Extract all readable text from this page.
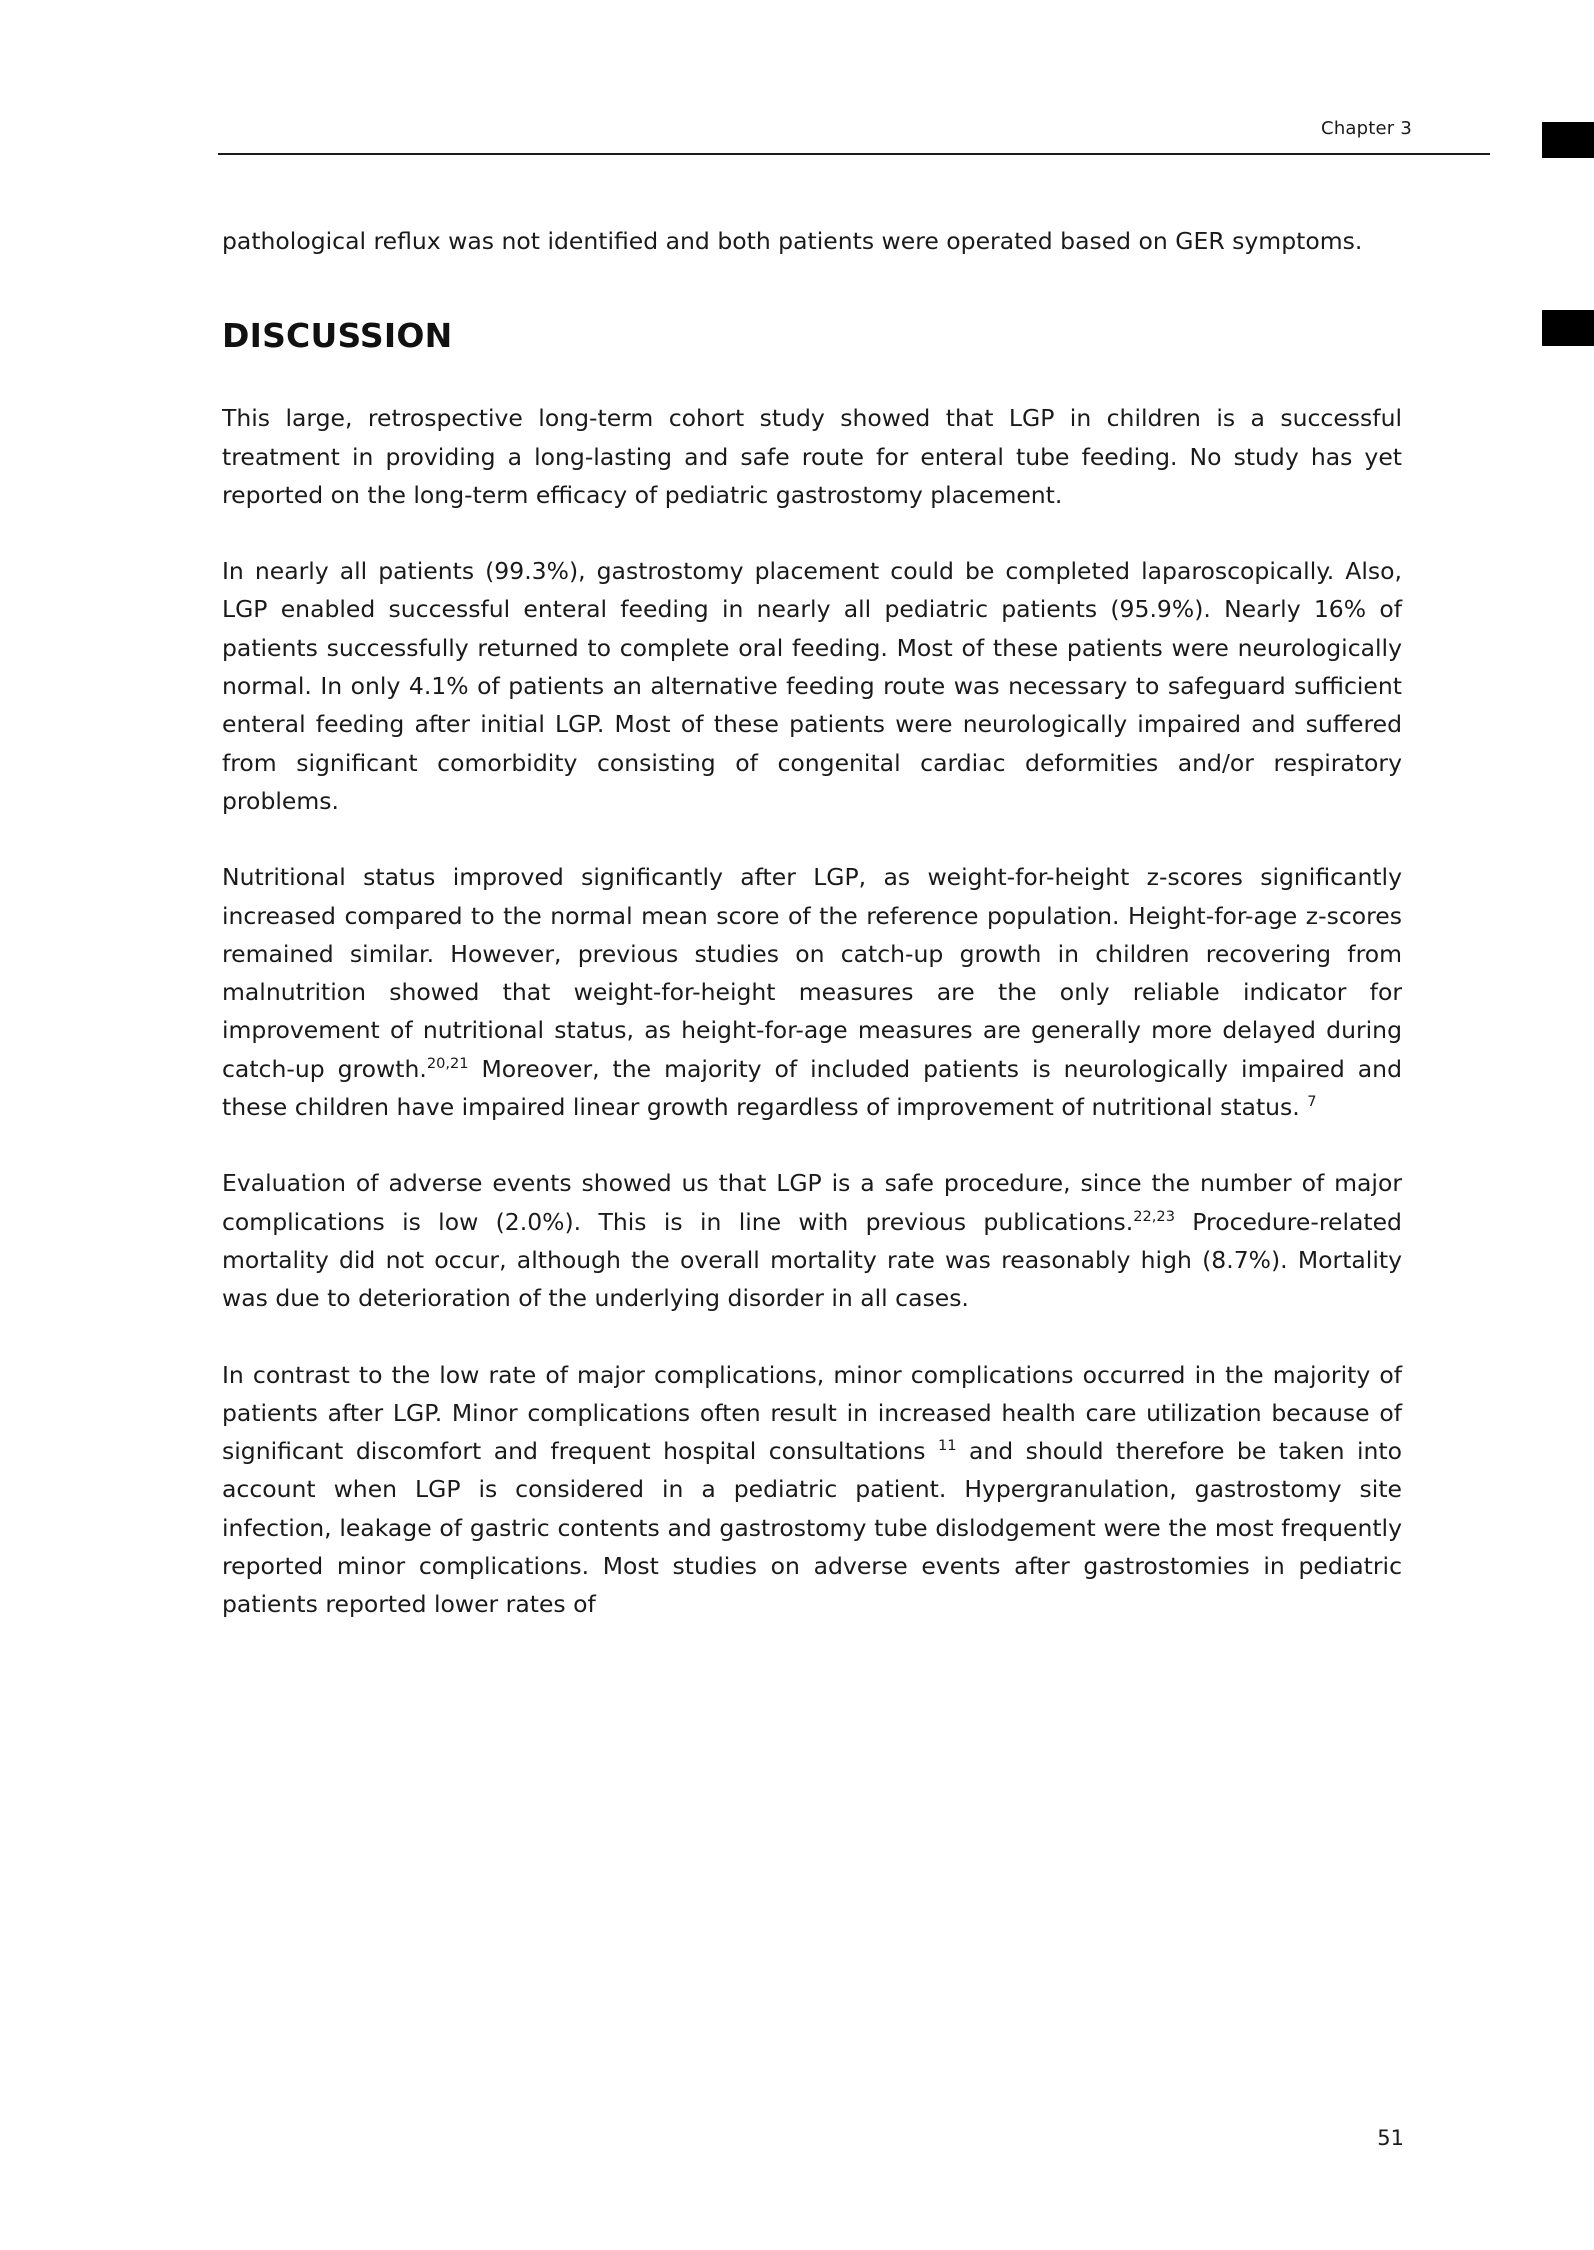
Chapter 3

pathological reflux was not identified and both patients were operated based on GER symptoms.

DISCUSSION

This large, retrospective long-term cohort study showed that LGP in children is a successful treatment in providing a long-lasting and safe route for enteral tube feeding. No study has yet reported on the long-term efficacy of pediatric gastrostomy placement.

In nearly all patients (99.3%), gastrostomy placement could be completed laparoscopically. Also, LGP enabled successful enteral feeding in nearly all pediatric patients (95.9%). Nearly 16% of patients successfully returned to complete oral feeding. Most of these patients were neurologically normal. In only 4.1% of patients an alternative feeding route was necessary to safeguard sufficient enteral feeding after initial LGP. Most of these patients were neurologically impaired and suffered from significant comorbidity consisting of congenital cardiac deformities and/or respiratory problems.

Nutritional status improved significantly after LGP, as weight-for-height z-scores significantly increased compared to the normal mean score of the reference population. Height-for-age z-scores remained similar. However, previous studies on catch-up growth in children recovering from malnutrition showed that weight-for-height measures are the only reliable indicator for improvement of nutritional status, as height-for-age measures are generally more delayed during catch-up growth.$^{20,21}$ Moreover, the majority of included patients is neurologically impaired and these children have impaired linear growth regardless of improvement of nutritional status. $^7$

Evaluation of adverse events showed us that LGP is a safe procedure, since the number of major complications is low (2.0%). This is in line with previous publications.$^{22,23}$ Procedure-related mortality did not occur, although the overall mortality rate was reasonably high (8.7%). Mortality was due to deterioration of the underlying disorder in all cases.

In contrast to the low rate of major complications, minor complications occurred in the majority of patients after LGP. Minor complications often result in increased health care utilization because of significant discomfort and frequent hospital consultations $^{11}$ and should therefore be taken into account when LGP is considered in a pediatric patient. Hypergranulation, gastrostomy site infection, leakage of gastric contents and gastrostomy tube dislodgement were the most frequently reported minor complications. Most studies on adverse events after gastrostomies in pediatric patients reported lower rates of

51
